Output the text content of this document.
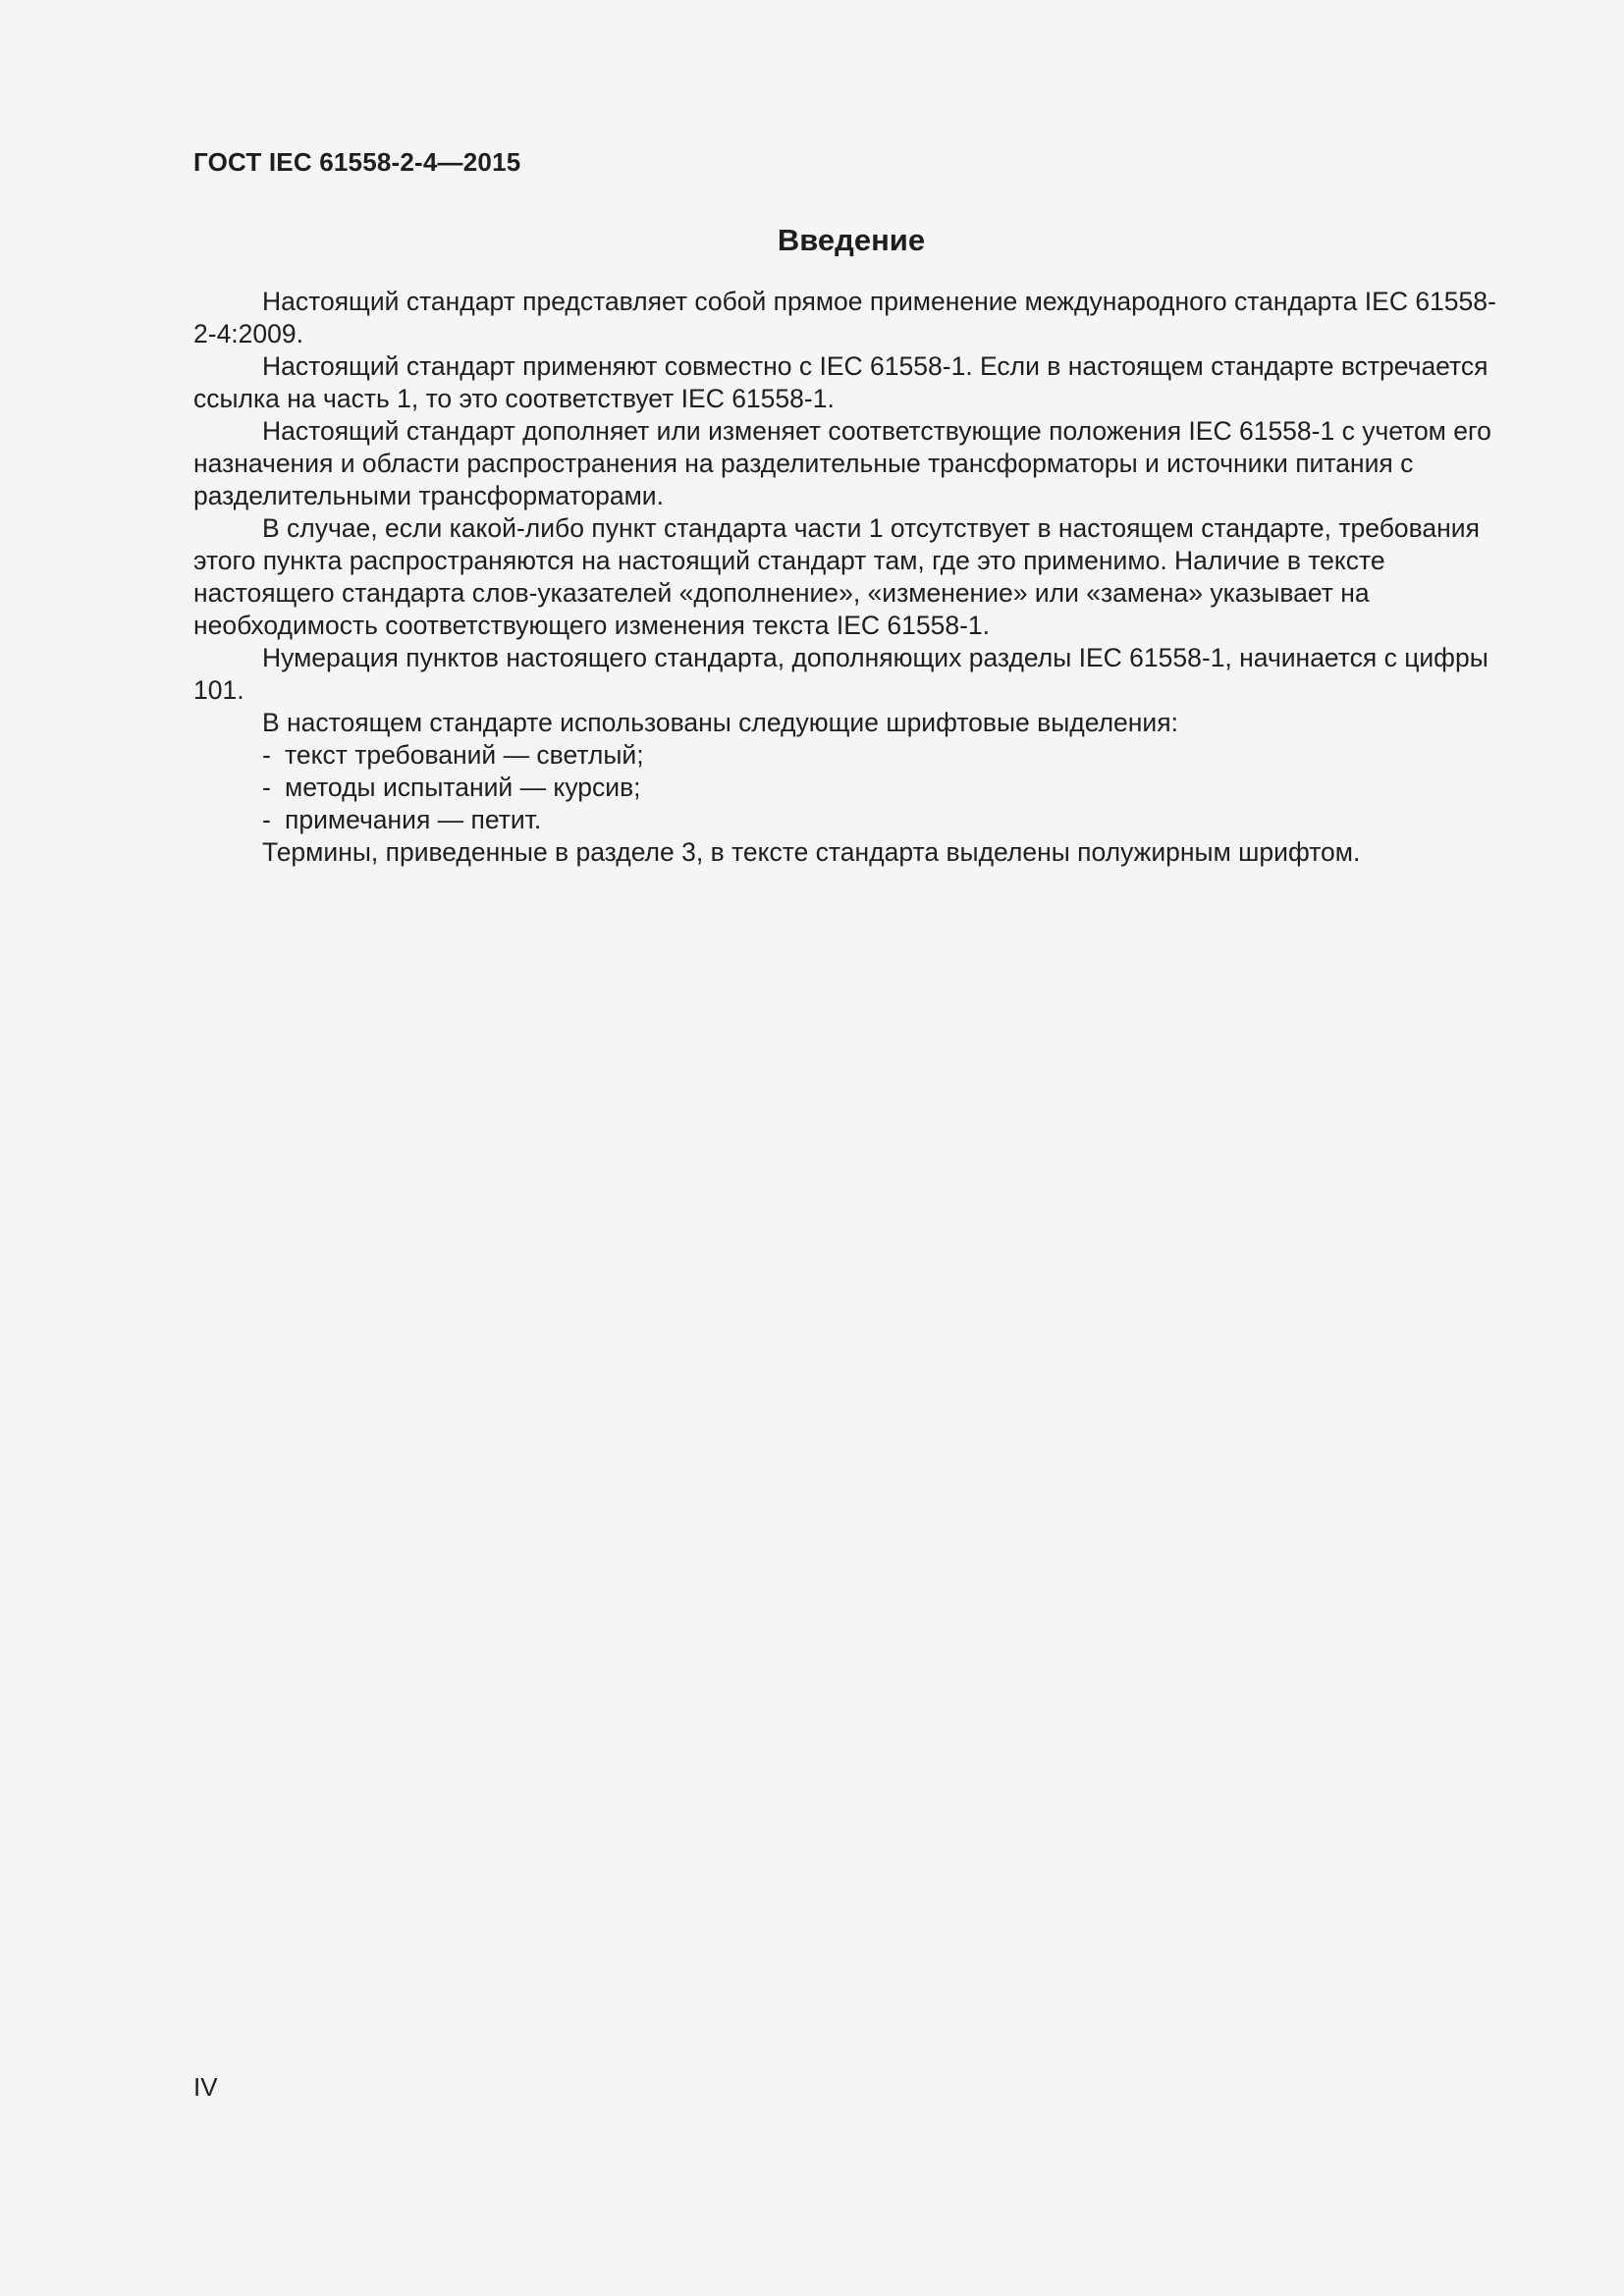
ГОСТ IEC 61558-2-4—2015
Введение

Настоящий стандарт представляет собой прямое применение международного стандарта IEC 61558-2-4:2009.

Настоящий стандарт применяют совместно с IEC 61558-1. Если в настоящем стандарте встречается ссылка на часть 1, то это соответствует IEC 61558-1.

Настоящий стандарт дополняет или изменяет соответствующие положения IEC 61558-1 с учетом его назначения и области распространения на разделительные трансформаторы и источники питания с разделительными трансформаторами.

В случае, если какой-либо пункт стандарта части 1 отсутствует в настоящем стандарте, требования этого пункта распространяются на настоящий стандарт там, где это применимо. Наличие в тексте настоящего стандарта слов-указателей «дополнение», «изменение» или «замена» указывает на необходимость соответствующего изменения текста IEC 61558-1.

Нумерация пунктов настоящего стандарта, дополняющих разделы IEC 61558-1, начинается с цифры 101.

В настоящем стандарте использованы следующие шрифтовые выделения:

- текст требований — светлый;
- методы испытаний — курсив;
- примечания — петит.

Термины, приведенные в разделе 3, в тексте стандарта выделены полужирным шрифтом.

IV
